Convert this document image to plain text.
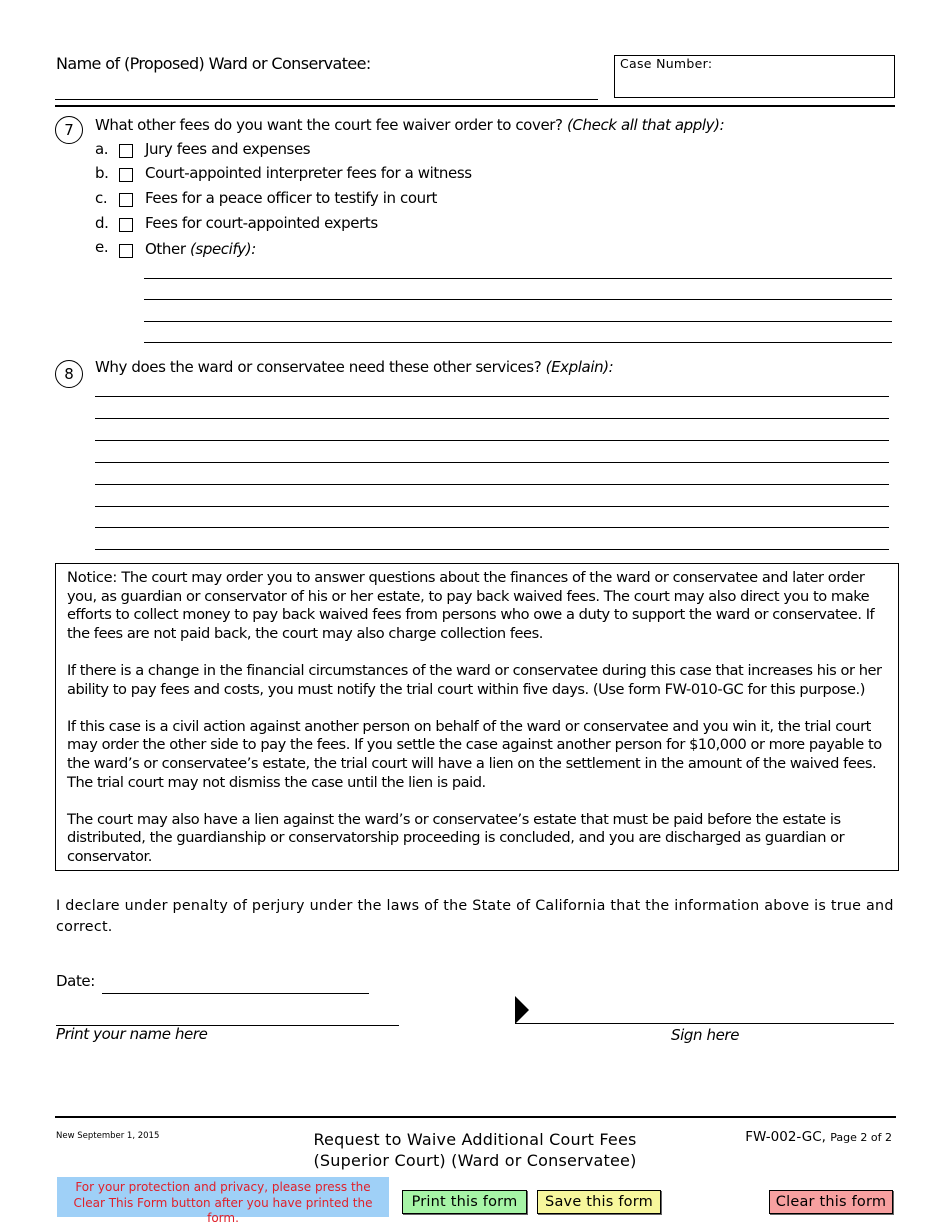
Name of (Proposed) Ward or Conservatee:	Case Number:
7	What other fees do you want the court fee waiver order to cover? (Check all that apply):
a. Jury fees and expenses
b. Court-appointed interpreter fees for a witness
c.	Fees for a peace officer to testify in court
d. Fees for court-appointed experts
e. Other (specify):
8	Why does the ward or conservatee need these other services? (Explain):

Notice: The court may order you to answer questions about the finances of the ward or conservatee and later order you, as guardian or conservator of his or her estate, to pay back waived fees. The court may also direct you to make efforts to collect money to pay back waived fees from persons who owe a duty to support the ward or conservatee. If the fees are not paid back, the court may also charge collection fees.

If there is a change in the financial circumstances of the ward or conservatee during this case that increases his or her ability to pay fees and costs, you must notify the trial court within five days. (Use form FW-010-GC for this purpose.)

If this case is a civil action against another person on behalf of the ward or conservatee and you win it, the trial court may order the other side to pay the fees. If you settle the case against another person for $10,000 or more payable to the ward’s or conservatee’s estate, the trial court will have a lien on the settlement in the amount of the waived fees. The trial court may not dismiss the case until the lien is paid.

The court may also have a lien against the ward’s or conservatee’s estate that must be paid before the estate is distributed, the guardianship or conservatorship proceeding is concluded, and you are discharged as guardian or conservator.

I declare under penalty of perjury under the laws of the State of California that the information above is true and correct.
Date:
Print your name here	Sign here
New September 1, 2015	Request to Waive Additional Court Fees
(Superior Court) (Ward or Conservatee)
FW-002-GC, Page 2 of 2
For your protection and privacy, please press the Clear This Form button after you have printed the form.
Print this form	Save this form	Clear this form
